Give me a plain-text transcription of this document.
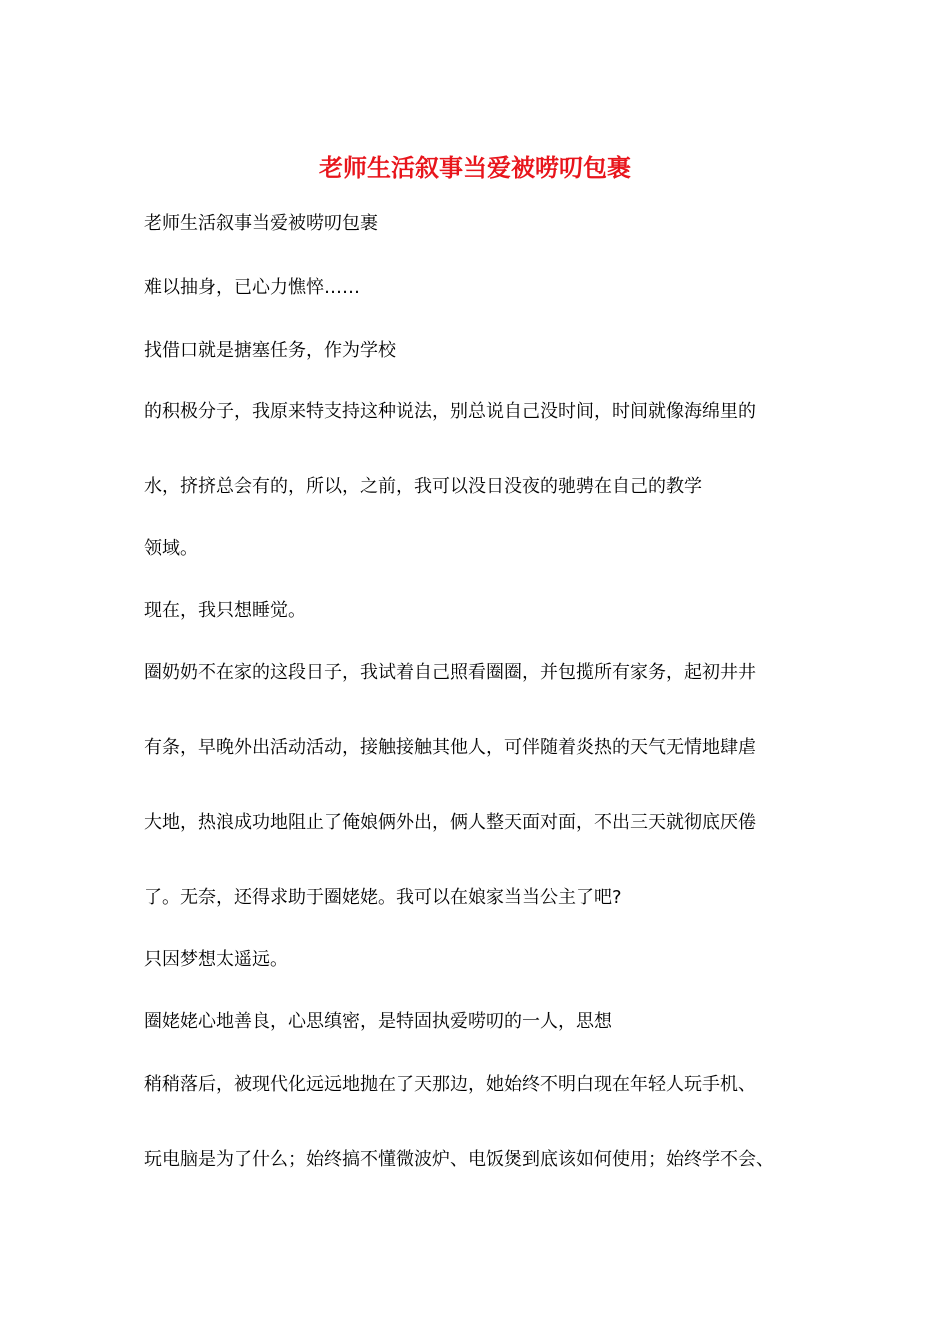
老师生活叙事当爱被唠叨包裹
老师生活叙事当爱被唠叨包裹
难以抽身，已心力憔悴……
找借口就是搪塞任务，作为学校
的积极分子，我原来特支持这种说法，别总说自己没时间，时间就像海绵里的
水，挤挤总会有的，所以，之前，我可以没日没夜的驰骋在自己的教学
领域。
现在，我只想睡觉。
圈奶奶不在家的这段日子，我试着自己照看圈圈，并包揽所有家务，起初井井
有条，早晚外出活动活动，接触接触其他人，可伴随着炎热的天气无情地肆虐
大地，热浪成功地阻止了俺娘俩外出，俩人整天面对面，不出三天就彻底厌倦
了。无奈，还得求助于圈姥姥。我可以在娘家当当公主了吧?
只因梦想太遥远。
圈姥姥心地善良，心思缜密，是特固执爱唠叨的一人，思想
稍稍落后，被现代化远远地抛在了天那边，她始终不明白现在年轻人玩手机、
玩电脑是为了什么；始终搞不懂微波炉、电饭煲到底该如何使用；始终学不会、
